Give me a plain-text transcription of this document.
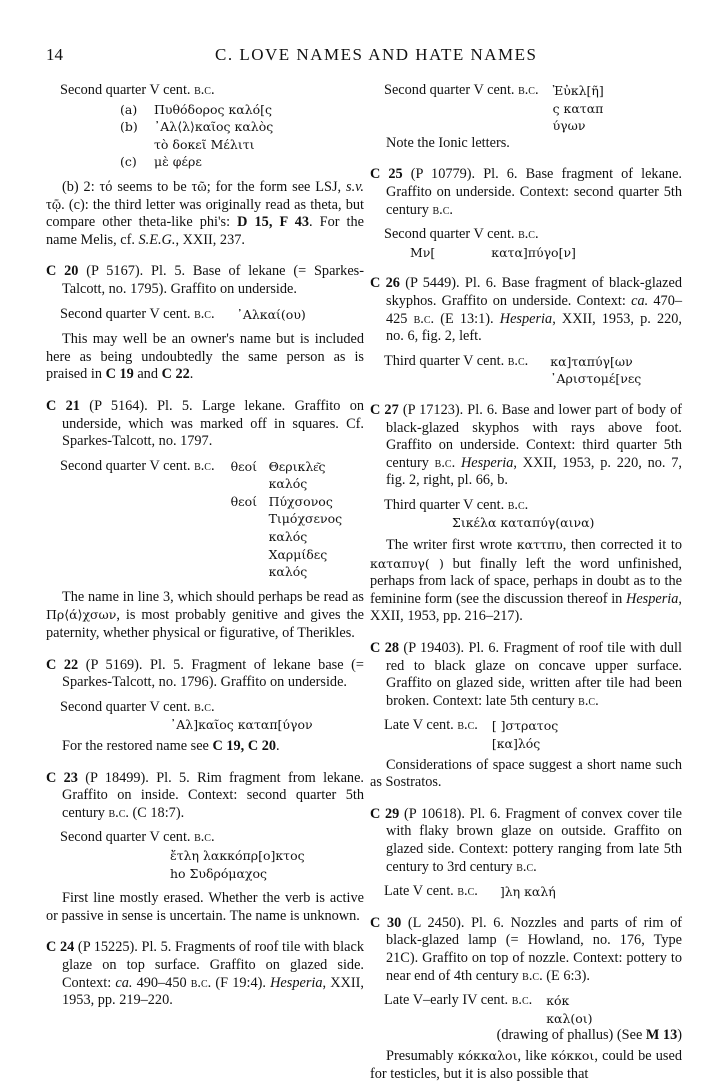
14	C. LOVE NAMES AND HATE NAMES
Second quarter V cent. b.c.
(a)	Πυθόδορος καλό[ς
(b)	᾿Αλ⟨λ⟩καῖος καλὸς
τὸ δοκεῖ Μέλιτι
(c)	μὲ φέρε

(b) 2: τό seems to be τῶ; for the form see LSJ, s.v. τῷ. (c): the third letter was originally read as theta, but compare other theta-like phi's: D 15, F 43. For the name Melis, cf. S.E.G., XXII, 237.

C 20 (P 5167). Pl. 5. Base of lekane (= Sparkes-Talcott, no. 1795). Graffito on underside.

Second quarter V cent. b.c. ᾿Αλκαί(ου)

This may well be an owner's name but is included here as being undoubtedly the same person as is praised in C 19 and C 22.

C 21 (P 5164). Pl. 5. Large lekane. Graffito on underside, which was marked off in squares. Cf. Sparkes-Talcott, no. 1797.

Second quarter V cent. b.c. θεοί Θερικλε͂ς
καλός
θεοί Πύχσονος
Τιμόχσενος
καλός
Χαρμίδες
καλός

The name in line 3, which should perhaps be read as Πρ⟨ά⟩χσων, is most probably genitive and gives the paternity, whether physical or figurative, of Therikles.

C 22 (P 5169). Pl. 5. Fragment of lekane base (= Sparkes-Talcott, no. 1796). Graffito on underside.

Second quarter V cent. b.c.
᾿Αλ]καῖος καταπ[ύγον

For the restored name see C 19, C 20.

C 23 (P 18499). Pl. 5. Rim fragment from lekane. Graffito on inside. Context: second quarter 5th century b.c. (C 18:7).

Second quarter V cent. b.c.
ἔτλη λακκόπρ[ο]κτος
ho Συδρόμαχος

First line mostly erased. Whether the verb is active or passive in sense is uncertain. The name is unknown.

C 24 (P 15225). Pl. 5. Fragments of roof tile with black glaze on top surface. Graffito on glazed side. Context: ca. 490–450 b.c. (F 19:4). Hesperia, XXII, 1953, pp. 219–220.

Second quarter V cent. b.c. Ἐὐκλ[ῆ]
ς καταπ
ύγων

Note the Ionic letters.

C 25 (P 10779). Pl. 6. Base fragment of lekane. Graffito on underside. Context: second quarter 5th century b.c.

Second quarter V cent. b.c.
Μν[	κατα]πύγο[ν]

C 26 (P 5449). Pl. 6. Base fragment of black-glazed skyphos. Graffito on underside. Context: ca. 470–425 b.c. (E 13:1). Hesperia, XXII, 1953, p. 220, no. 6, fig. 2, left.

Third quarter V cent. b.c. κα]ταπύγ[ων
᾿Αριστομέ[νες

C 27 (P 17123). Pl. 6. Base and lower part of body of black-glazed skyphos with rays above foot. Graffito on underside. Context: third quarter 5th century b.c. Hesperia, XXII, 1953, p. 220, no. 7, fig. 2, right, pl. 66, b.

Third quarter V cent. b.c.
Σικέλα καταπύγ(αινα)

The writer first wrote καττπυ, then corrected it to καταπυγ( ) but finally left the word unfinished, perhaps from lack of space, perhaps in doubt as to the feminine form (see the discussion thereof in Hesperia, XXII, 1953, pp. 216–217).

C 28 (P 19403). Pl. 6. Fragment of roof tile with dull red to black glaze on concave upper surface. Graffito on glazed side, written after tile had been broken. Context: late 5th century b.c.

Late V cent. b.c. [ ]στρατος
[κα]λός

Considerations of space suggest a short name such as Sostratos.

C 29 (P 10618). Pl. 6. Fragment of convex cover tile with flaky brown glaze on outside. Graffito on glazed side. Context: pottery ranging from late 5th century to 3rd century b.c.

Late V cent. b.c. ]λη καλή

C 30 (L 2450). Pl. 6. Nozzles and parts of rim of black-glazed lamp (= Howland, no. 176, Type 21C). Graffito on top of nozzle. Context: pottery to near end of 4th century b.c. (E 6:3).

Late V–early IV cent. b.c. κόκ
καλ(οι)
(drawing of phallus) (See M 13)

Presumably κόκκαλοι, like κόκκοι, could be used for testicles, but it is also possible that
